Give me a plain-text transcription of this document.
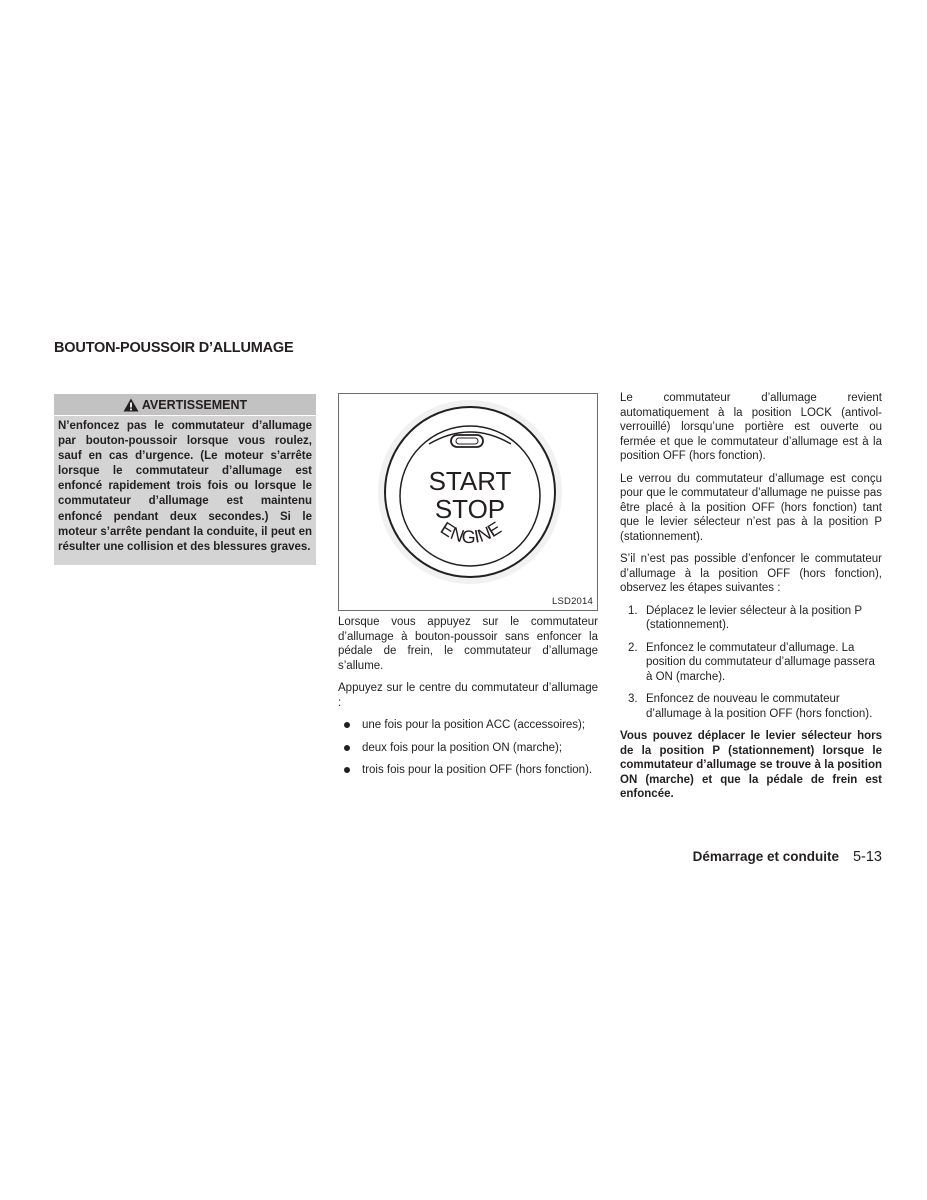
BOUTON-POUSSOIR D’ALLUMAGE
AVERTISSEMENT

N’enfoncez pas le commutateur d’allumage par bouton-poussoir lorsque vous roulez, sauf en cas d’urgence. (Le moteur s’arrête lorsque le commutateur d’allumage est enfoncé rapidement trois fois ou lorsque le commutateur d’allumage est maintenu enfoncé pendant deux secondes.) Si le moteur s’arrête pendant la conduite, il peut en résulter une collision et des blessures graves.

START
STOP
ENGINE
LSD2014

Lorsque vous appuyez sur le commutateur d’allumage à bouton-poussoir sans enfoncer la pédale de frein, le commutateur d’allumage s’allume.

Appuyez sur le centre du commutateur d’allumage :

une fois pour la position ACC (accessoires);
deux fois pour la position ON (marche);
trois fois pour la position OFF (hors fonction).

Le commutateur d’allumage revient automatiquement à la position LOCK (antivol-verrouillé) lorsqu’une portière est ouverte ou fermée et que le commutateur d’allumage est à la position OFF (hors fonction).

Le verrou du commutateur d’allumage est conçu pour que le commutateur d’allumage ne puisse pas être placé à la position OFF (hors fonction) tant que le levier sélecteur n’est pas à la position P (stationnement).

S’il n’est pas possible d’enfoncer le commutateur d’allumage à la position OFF (hors fonction), observez les étapes suivantes :

1. Déplacez le levier sélecteur à la position P (stationnement).
2. Enfoncez le commutateur d’allumage. La position du commutateur d’allumage passera à ON (marche).
3. Enfoncez de nouveau le commutateur d’allumage à la position OFF (hors fonction).

Vous pouvez déplacer le levier sélecteur hors de la position P (stationnement) lorsque le commutateur d’allumage se trouve à la position ON (marche) et que la pédale de frein est enfoncée.

Démarrage et conduite 5-13
